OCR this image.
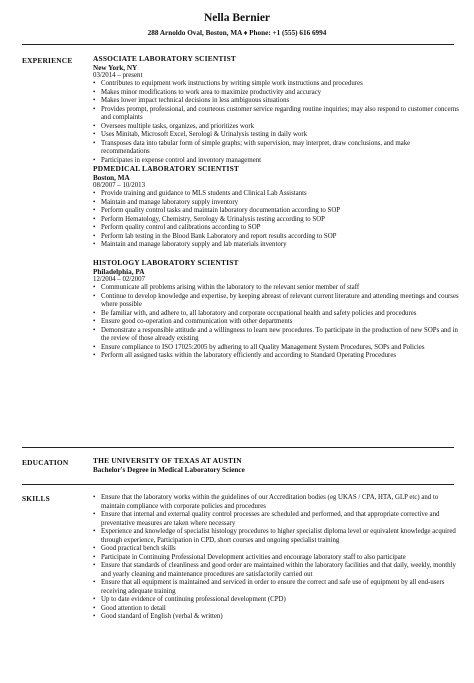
Nella Bernier
288 Arnoldo Oval, Boston, MA ♦ Phone: +1 (555) 616 6994
EXPERIENCE	ASSOCIATE LABORATORY SCIENTIST
New York, NY
03/2014 – present
• Contributes to equipment work instructions by writing simple work instructions and procedures
• Makes minor modifications to work area to maximize productivity and accuracy
• Makes lower impact technical decisions in less ambiguous situations
• Provides prompt, professional, and courteous customer service regarding routine inquiries; may also respond to customer concerns and complaints
• Oversees multiple tasks, organizes, and prioritizes work
• Uses Minitab, Microsoft Excel, Serologi & Urinalysis testing in daily work
• Transposes data into tabular form of simple graphs; with supervision, may interpret, draw conclusions, and make recommendations
• Participates in expense control and inventory management
PDMEDICAL LABORATORY SCIENTIST
Boston, MA
08/2007 – 10/2013
• Provide training and guidance to MLS students and Clinical Lab Assistants
• Maintain and manage laboratory supply inventory
• Perform quality control tasks and maintain laboratory documentation according to SOP
• Perform Hematology, Chemistry, Serology & Urinalysis testing according to SOP
• Perform quality control and calibrations according to SOP
• Perform lab testing in the Blood Bank Laboratory and report results according to SOP
• Maintain and manage laboratory supply and lab materials inventory
HISTOLOGY LABORATORY SCIENTIST
Philadelphia, PA
12/2004 – 02/2007
• Communicate all problems arising within the laboratory to the relevant senior member of staff
• Continue to develop knowledge and expertise, by keeping abreast of relevant current literature and attending meetings and courses where possible
• Be familiar with, and adhere to, all laboratory and corporate occupational health and safety policies and procedures
• Ensure good co-operation and communication with other departments
• Demonstrate a responsible attitude and a willingness to learn new procedures. To participate in the production of new SOPs and in the review of those already existing
• Ensure compliance to ISO 17025:2005 by adhering to all Quality Management System Procedures, SOPs and Policies
• Perform all assigned tasks within the laboratory efficiently and according to Standard Operating Procedures
EDUCATION	THE UNIVERSITY OF TEXAS AT AUSTIN
Bachelor's Degree in Medical Laboratory Science
SKILLS
•	Ensure that the laboratory works within the guidelines of our Accreditation bodies (eg UKAS / CPA, HTA, GLP etc) and to maintain compliance with corporate policies and procedures
• Ensure that internal and external quality control processes are scheduled and performed, and that appropriate corrective and preventative measures are taken where necessary
• Experience and knowledge of specialist histology procedures to higher specialist diploma level or equivalent knowledge acquired through experience, Participation in CPD, short courses and ongoing specialist training
• Good practical bench skills
• Participate in Continuing Professional Development activities and encourage laboratory staff to also participate
• Ensure that standards of cleanliness and good order are maintained within the laboratory facilities and that daily, weekly, monthly and yearly cleaning and maintenance procedures are satisfactorily carried out
• Ensure that all equipment is maintained and serviced in order to ensure the correct and safe use of equipment by all end-users receiving adequate training
• Up to date evidence of continuing professional development (CPD)
• Good attention to detail
• Good standard of English (verbal & written)
